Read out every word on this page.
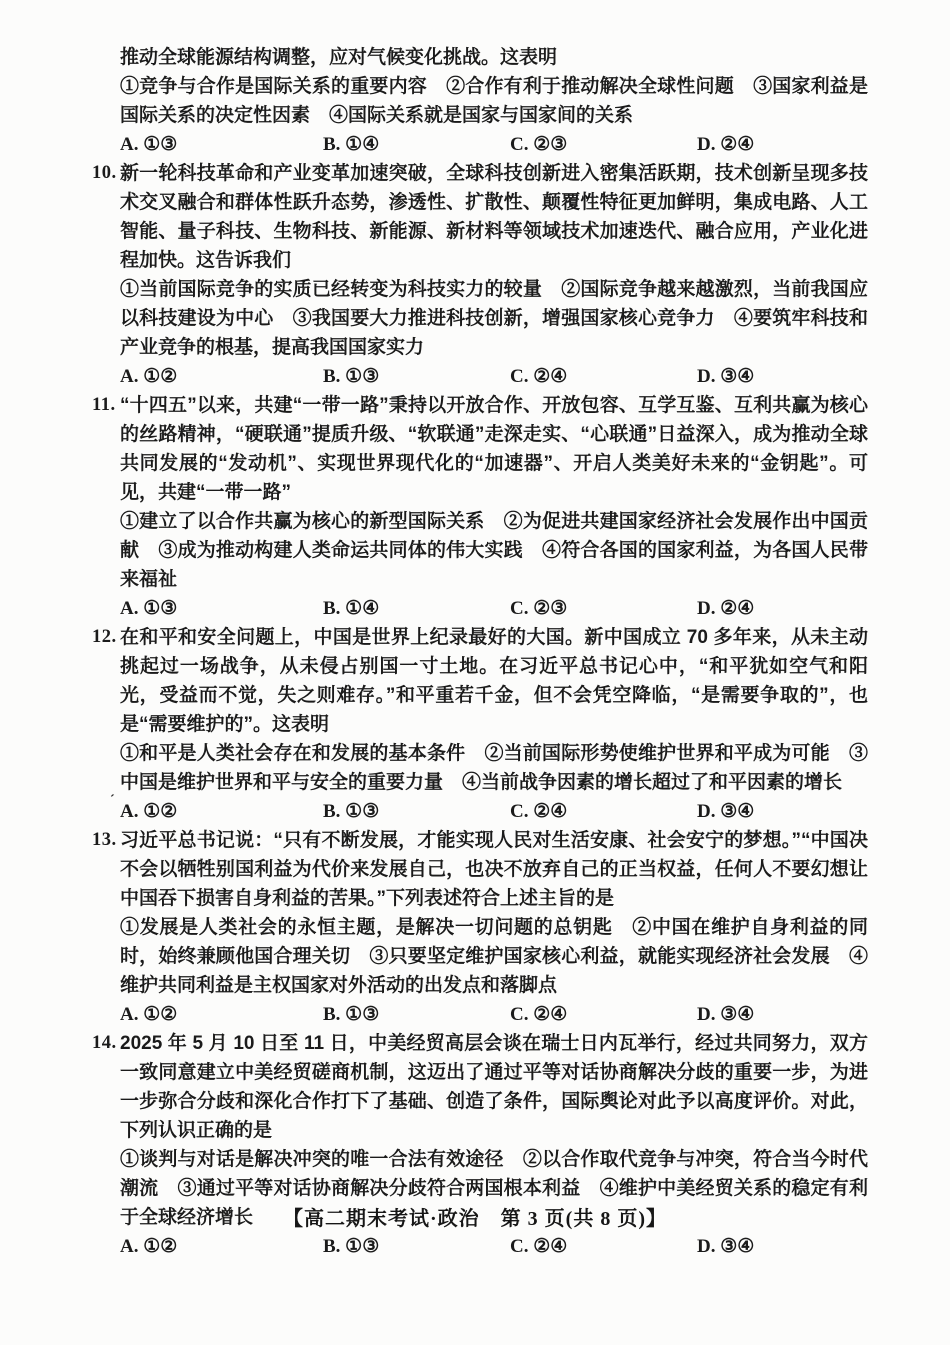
推动全球能源结构调整，应对气候变化挑战。这表明
①竞争与合作是国际关系的重要内容 ②合作有利于推动解决全球性问题 ③国家利益是国际关系的决定性因素 ④国际关系就是国家与国家间的关系
A. ①③	B. ①④	C. ②③	D. ②④
10. 新一轮科技革命和产业变革加速突破，全球科技创新进入密集活跃期，技术创新呈现多技术交叉融合和群体性跃升态势，渗透性、扩散性、颠覆性特征更加鲜明，集成电路、人工智能、量子科技、生物科技、新能源、新材料等领域技术加速迭代、融合应用，产业化进程加快。这告诉我们
①当前国际竞争的实质已经转变为科技实力的较量 ②国际竞争越来越激烈，当前我国应以科技建设为中心 ③我国要大力推进科技创新，增强国家核心竞争力 ④要筑牢科技和产业竞争的根基，提高我国国家实力
A. ①②	B. ①③	C. ②④	D. ③④
11. “十四五”以来，共建“一带一路”秉持以开放合作、开放包容、互学互鉴、互利共赢为核心的丝路精神，“硬联通”提质升级、“软联通”走深走实、“心联通”日益深入，成为推动全球共同发展的“发动机”、实现世界现代化的“加速器”、开启人类美好未来的“金钥匙”。可见，共建“一带一路”
①建立了以合作共赢为核心的新型国际关系 ②为促进共建国家经济社会发展作出中国贡献 ③成为推动构建人类命运共同体的伟大实践 ④符合各国的国家利益，为各国人民带来福祉
A. ①③	B. ①④	C. ②③	D. ②④
12. 在和平和安全问题上，中国是世界上纪录最好的大国。新中国成立 70 多年来，从未主动挑起过一场战争，从未侵占别国一寸土地。在习近平总书记心中，“和平犹如空气和阳光，受益而不觉，失之则难存。”和平重若千金，但不会凭空降临，“是需要争取的”，也是“需要维护的”。这表明
①和平是人类社会存在和发展的基本条件 ②当前国际形势使维护世界和平成为可能 ③中国是维护世界和平与安全的重要力量 ④当前战争因素的增长超过了和平因素的增长
A. ①②	B. ①③	C. ②④	D. ③④
13. 习近平总书记说：“只有不断发展，才能实现人民对生活安康、社会安宁的梦想。”“中国决不会以牺牲别国利益为代价来发展自己，也决不放弃自己的正当权益，任何人不要幻想让中国吞下损害自身利益的苦果。”下列表述符合上述主旨的是
①发展是人类社会的永恒主题，是解决一切问题的总钥匙 ②中国在维护自身利益的同时，始终兼顾他国合理关切 ③只要坚定维护国家核心利益，就能实现经济社会发展 ④维护共同利益是主权国家对外活动的出发点和落脚点
A. ①②	B. ①③	C. ②④	D. ③④
14. 2025 年 5 月 10 日至 11 日，中美经贸高层会谈在瑞士日内瓦举行，经过共同努力，双方一致同意建立中美经贸磋商机制，这迈出了通过平等对话协商解决分歧的重要一步，为进一步弥合分歧和深化合作打下了基础、创造了条件，国际舆论对此予以高度评价。对此，下列认识正确的是
①谈判与对话是解决冲突的唯一合法有效途径 ②以合作取代竞争与冲突，符合当今时代潮流 ③通过平等对话协商解决分歧符合两国根本利益 ④维护中美经贸关系的稳定有利于全球经济增长
A. ①②	B. ①③	C. ②④	D. ③④
ˊ
【高二期末考试·政治 第 3 页(共 8 页)】
